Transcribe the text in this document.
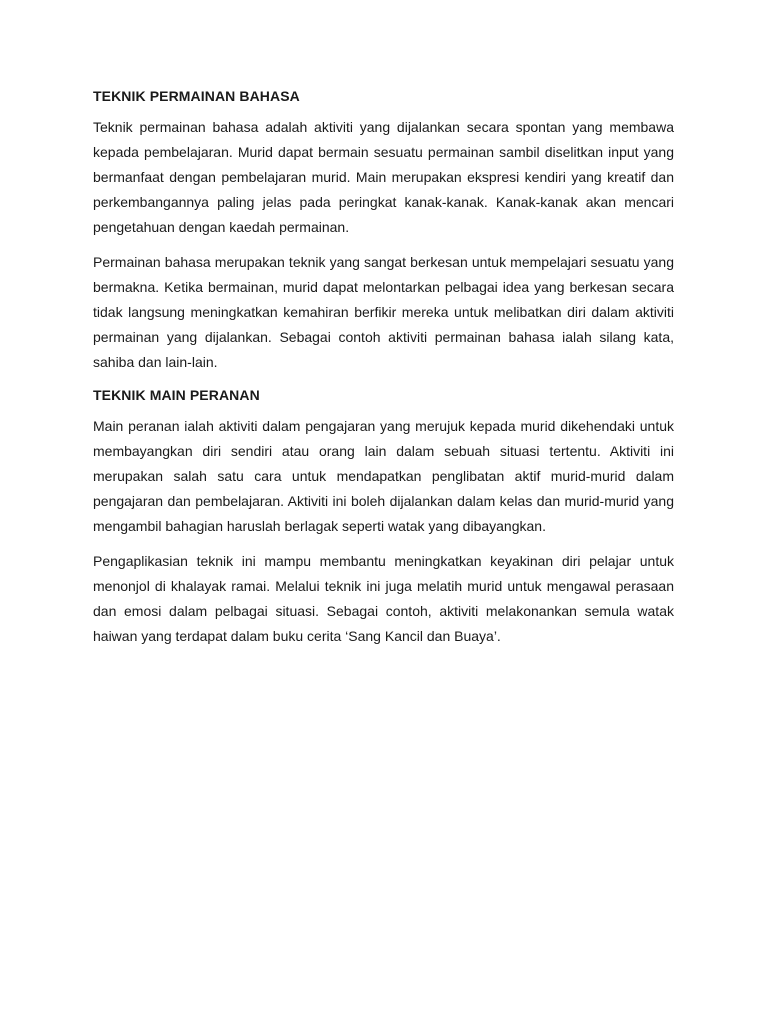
TEKNIK PERMAINAN BAHASA

Teknik permainan bahasa adalah aktiviti yang dijalankan secara spontan yang membawa kepada pembelajaran. Murid dapat bermain sesuatu permainan sambil diselitkan input yang bermanfaat dengan pembelajaran murid. Main merupakan ekspresi kendiri yang kreatif dan perkembangannya paling jelas pada peringkat kanak-kanak. Kanak-kanak akan mencari pengetahuan dengan kaedah permainan.

Permainan bahasa merupakan teknik yang sangat berkesan untuk mempelajari sesuatu yang bermakna. Ketika bermainan, murid dapat melontarkan pelbagai idea yang berkesan secara tidak langsung meningkatkan kemahiran berfikir mereka untuk melibatkan diri dalam aktiviti permainan yang dijalankan. Sebagai contoh aktiviti permainan bahasa ialah silang kata, sahiba dan lain-lain.

TEKNIK MAIN PERANAN

Main peranan ialah aktiviti dalam pengajaran yang merujuk kepada murid dikehendaki untuk membayangkan diri sendiri atau orang lain dalam sebuah situasi tertentu. Aktiviti ini merupakan salah satu cara untuk mendapatkan penglibatan aktif murid-murid dalam pengajaran dan pembelajaran. Aktiviti ini boleh dijalankan dalam kelas dan murid-murid yang mengambil bahagian haruslah berlagak seperti watak yang dibayangkan.

Pengaplikasian teknik ini mampu membantu meningkatkan keyakinan diri pelajar untuk menonjol di khalayak ramai. Melalui teknik ini juga melatih murid untuk mengawal perasaan dan emosi dalam pelbagai situasi. Sebagai contoh, aktiviti melakonankan semula watak haiwan yang terdapat dalam buku cerita ‘Sang Kancil dan Buaya’.
